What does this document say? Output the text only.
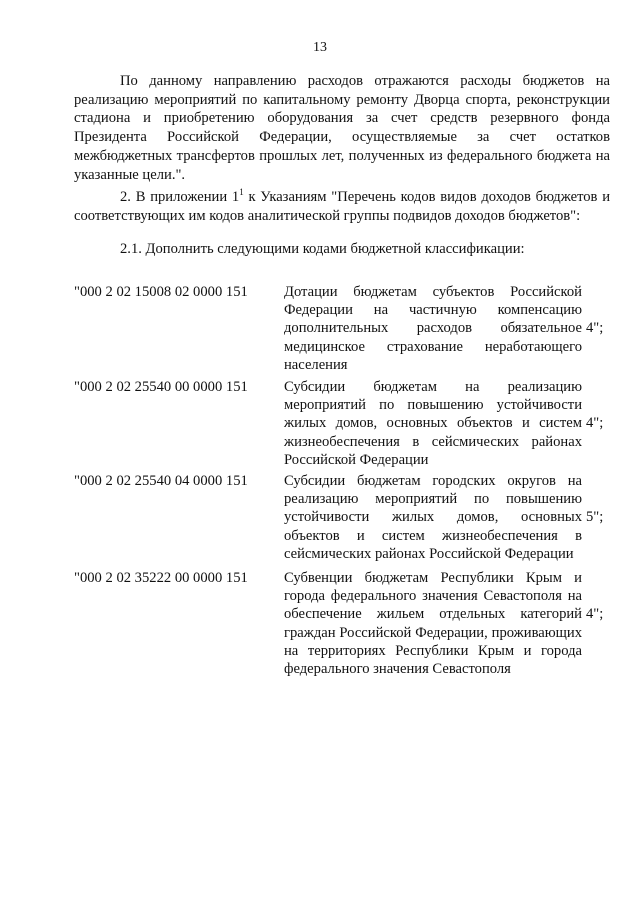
13

По данному направлению расходов отражаются расходы бюджетов на реализацию мероприятий по капитальному ремонту Дворца спорта, реконструкции стадиона и приобретению оборудования за счет средств резервного фонда Президента Российской Федерации, осуществляемые за счет остатков межбюджетных трансфертов прошлых лет, полученных из федерального бюджета на указанные цели.".

2. В приложении $1^1$ к Указаниям "Перечень кодов видов доходов бюджетов и соответствующих им кодов аналитической группы подвидов доходов бюджетов":

2.1. Дополнить следующими кодами бюджетной классификации:

"000 2 02 15008 02 0000 151 Дотации бюджетам субъектов Российской Федерации на частичную компенсацию дополнительных расходов обязательное медицинское страхование неработающего населения
4";
"000 2 02 25540 00 0000 151 Субсидии бюджетам на реализацию мероприятий по повышению устойчивости жилых домов, основных объектов и систем жизнеобеспечения в сейсмических районах Российской Федерации
4";
"000 2 02 25540 04 0000 151 Субсидии бюджетам городских округов на реализацию мероприятий по повышению устойчивости жилых домов, основных объектов и систем жизнеобеспечения в сейсмических районах Российской Федерации
5";
"000 2 02 35222 00 0000 151 Субвенции бюджетам Республики Крым и города федерального значения Севастополя на обеспечение жильем отдельных категорий граждан Российской Федерации, проживающих на территориях Республики Крым и города федерального значения Севастополя
4";
